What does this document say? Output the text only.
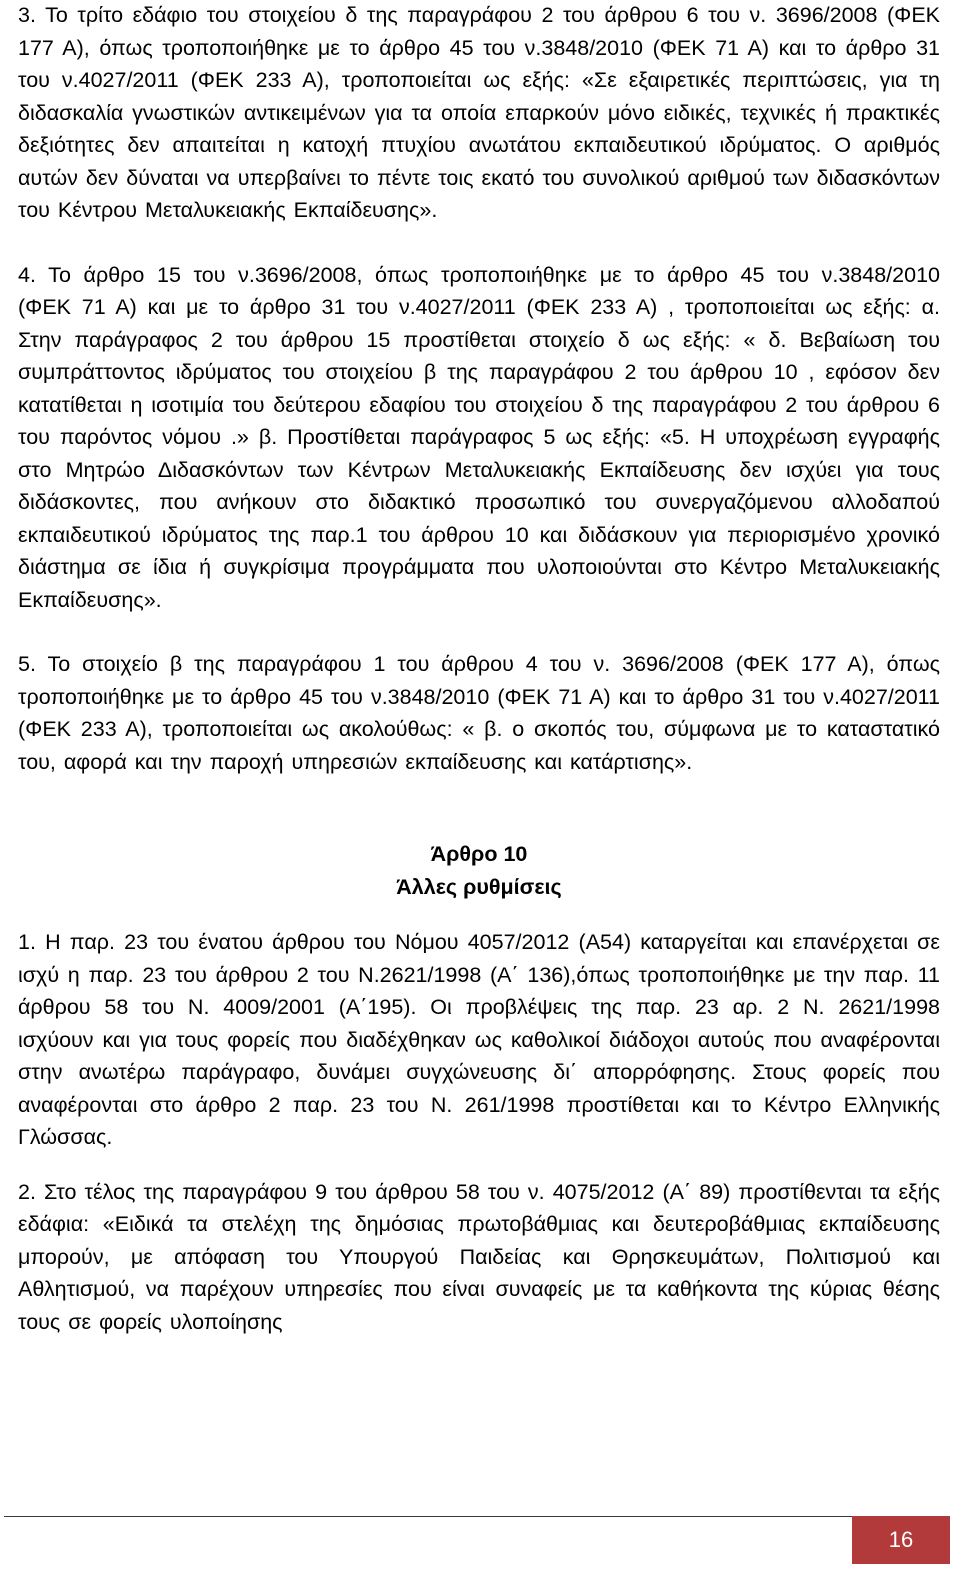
3. Το τρίτο εδάφιο του στοιχείου δ της παραγράφου 2 του άρθρου 6 του ν. 3696/2008 (ΦΕΚ 177 Α), όπως τροποποιήθηκε με το άρθρο 45 του ν.3848/2010 (ΦΕΚ 71 Α) και το άρθρο 31 του ν.4027/2011 (ΦΕΚ 233 Α), τροποποιείται ως εξής: «Σε εξαιρετικές περιπτώσεις, για τη διδασκαλία γνωστικών αντικειμένων για τα οποία επαρκούν μόνο ειδικές, τεχνικές ή πρακτικές δεξιότητες δεν απαιτείται η κατοχή πτυχίου ανωτάτου εκπαιδευτικού ιδρύματος. Ο αριθμός αυτών δεν δύναται να υπερβαίνει το πέντε τοις εκατό του συνολικού αριθμού των διδασκόντων του Κέντρου Μεταλυκειακής Εκπαίδευσης».

4. Το άρθρο 15 του ν.3696/2008, όπως τροποποιήθηκε με το άρθρο 45 του ν.3848/2010 (ΦΕΚ 71 Α) και με το άρθρο 31 του ν.4027/2011 (ΦΕΚ 233 Α) , τροποποιείται ως εξής: α. Στην παράγραφος 2 του άρθρου 15 προστίθεται στοιχείο δ ως εξής: « δ. Βεβαίωση του συμπράττοντος ιδρύματος του στοιχείου β της παραγράφου 2 του άρθρου 10 , εφόσον δεν κατατίθεται η ισοτιμία του δεύτερου εδαφίου του στοιχείου δ της παραγράφου 2 του άρθρου 6 του παρόντος νόμου .» β. Προστίθεται παράγραφος 5 ως εξής: «5. Η υποχρέωση εγγραφής στο Μητρώο Διδασκόντων των Κέντρων Μεταλυκειακής Εκπαίδευσης δεν ισχύει για τους διδάσκοντες, που ανήκουν στο διδακτικό προσωπικό του συνεργαζόμενου αλλοδαπού εκπαιδευτικού ιδρύματος της παρ.1 του άρθρου 10 και διδάσκουν για περιορισμένο χρονικό διάστημα σε ίδια ή συγκρίσιμα προγράμματα που υλοποιούνται στο Κέντρο Μεταλυκειακής Εκπαίδευσης».

5. Το στοιχείο β της παραγράφου 1 του άρθρου 4 του ν. 3696/2008 (ΦΕΚ 177 Α), όπως τροποποιήθηκε με το άρθρο 45 του ν.3848/2010 (ΦΕΚ 71 Α) και το άρθρο 31 του ν.4027/2011 (ΦΕΚ 233 Α), τροποποιείται ως ακολούθως: « β. ο σκοπός του, σύμφωνα με το καταστατικό του, αφορά και την παροχή υπηρεσιών εκπαίδευσης και κατάρτισης».

Άρθρο 10

Άλλες ρυθμίσεις

1. Η παρ. 23 του ένατου άρθρου του Νόμου 4057/2012 (Α54) καταργείται και επανέρχεται σε ισχύ η παρ. 23 του άρθρου 2 του Ν.2621/1998 (Α΄ 136),όπως τροποποιήθηκε με την παρ. 11 άρθρου 58 του Ν. 4009/2001 (Α΄195). Οι προβλέψεις της παρ. 23 αρ. 2 Ν. 2621/1998 ισχύουν και για τους φορείς που διαδέχθηκαν ως καθολικοί διάδοχοι αυτούς που αναφέρονται στην ανωτέρω παράγραφο, δυνάμει συγχώνευσης δι΄ απορρόφησης. Στους φορείς που αναφέρονται στο άρθρο 2 παρ. 23 του Ν. 261/1998 προστίθεται και το Κέντρο Ελληνικής Γλώσσας.

2. Στο τέλος της παραγράφου 9 του άρθρου 58 του ν. 4075/2012 (Α΄ 89) προστίθενται τα εξής εδάφια: «Ειδικά τα στελέχη της δημόσιας πρωτοβάθμιας και δευτεροβάθμιας εκπαίδευσης μπορούν, με απόφαση του Υπουργού Παιδείας και Θρησκευμάτων, Πολιτισμού και Αθλητισμού, να παρέχουν υπηρεσίες που είναι συναφείς με τα καθήκοντα της κύριας θέσης τους σε φορείς υλοποίησης

16
